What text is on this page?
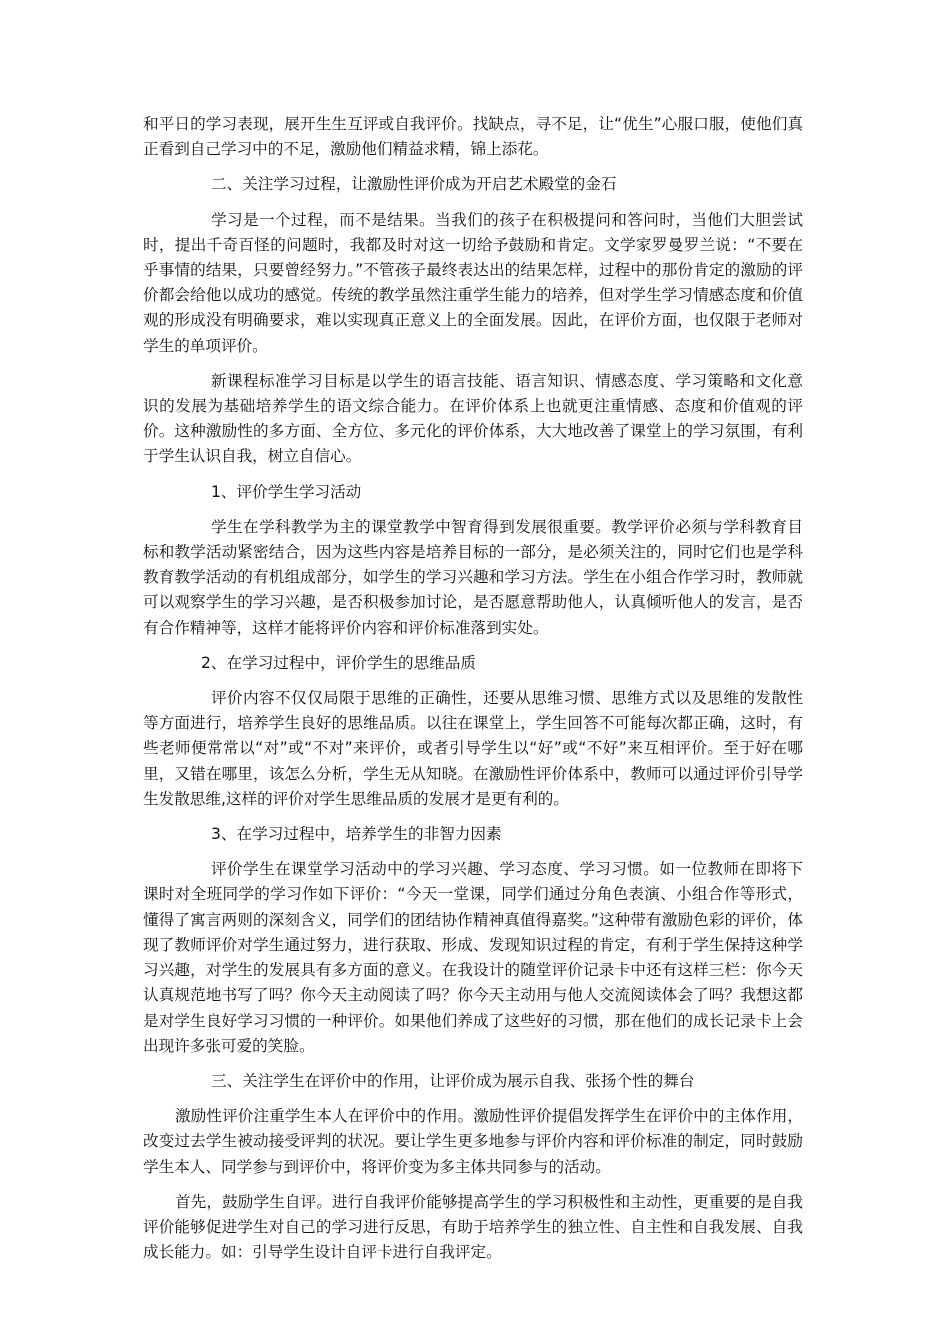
和平日的学习表现，展开生生互评或自我评价。找缺点，寻不足，让“优生”心服口服，使他们真正看到自己学习中的不足，激励他们精益求精，锦上添花。

二、关注学习过程，让激励性评价成为开启艺术殿堂的金石

学习是一个过程，而不是结果。当我们的孩子在积极提问和答问时，当他们大胆尝试时，提出千奇百怪的问题时，我都及时对这一切给予鼓励和肯定。文学家罗曼罗兰说：“不要在乎事情的结果，只要曾经努力。”不管孩子最终表达出的结果怎样，过程中的那份肯定的激励的评价都会给他以成功的感觉。传统的教学虽然注重学生能力的培养，但对学生学习情感态度和价值观的形成没有明确要求，难以实现真正意义上的全面发展。因此，在评价方面，也仅限于老师对学生的单项评价。

新课程标准学习目标是以学生的语言技能、语言知识、情感态度、学习策略和文化意识的发展为基础培养学生的语文综合能力。在评价体系上也就更注重情感、态度和价值观的评价。这种激励性的多方面、全方位、多元化的评价体系，大大地改善了课堂上的学习氛围，有利于学生认识自我，树立自信心。

1、评价学生学习活动

学生在学科教学为主的课堂教学中智育得到发展很重要。教学评价必须与学科教育目标和教学活动紧密结合，因为这些内容是培养目标的一部分，是必须关注的，同时它们也是学科教育教学活动的有机组成部分，如学生的学习兴趣和学习方法。学生在小组合作学习时，教师就可以观察学生的学习兴趣，是否积极参加讨论，是否愿意帮助他人，认真倾听他人的发言，是否有合作精神等，这样才能将评价内容和评价标准落到实处。

2、在学习过程中，评价学生的思维品质

评价内容不仅仅局限于思维的正确性，还要从思维习惯、思维方式以及思维的发散性等方面进行，培养学生良好的思维品质。以往在课堂上，学生回答不可能每次都正确，这时，有些老师便常常以“对”或“不对”来评价，或者引导学生以“好”或“不好”来互相评价。至于好在哪里，又错在哪里，该怎么分析，学生无从知晓。在激励性评价体系中，教师可以通过评价引导学生发散思维,这样的评价对学生思维品质的发展才是更有利的。

3、在学习过程中，培养学生的非智力因素

评价学生在课堂学习活动中的学习兴趣、学习态度、学习习惯。如一位教师在即将下课时对全班同学的学习作如下评价：“今天一堂课，同学们通过分角色表演、小组合作等形式，懂得了寓言两则的深刻含义，同学们的团结协作精神真值得嘉奖。”这种带有激励色彩的评价，体现了教师评价对学生通过努力，进行获取、形成、发现知识过程的肯定，有利于学生保持这种学习兴趣，对学生的发展具有多方面的意义。在我设计的随堂评价记录卡中还有这样三栏：你今天认真规范地书写了吗？你今天主动阅读了吗？你今天主动用与他人交流阅读体会了吗？我想这都是对学生良好学习习惯的一种评价。如果他们养成了这些好的习惯，那在他们的成长记录卡上会出现许多张可爱的笑脸。

三、关注学生在评价中的作用，让评价成为展示自我、张扬个性的舞台

激励性评价注重学生本人在评价中的作用。激励性评价提倡发挥学生在评价中的主体作用，改变过去学生被动接受评判的状况。要让学生更多地参与评价内容和评价标准的制定，同时鼓励学生本人、同学参与到评价中，将评价变为多主体共同参与的活动。

首先，鼓励学生自评。进行自我评价能够提高学生的学习积极性和主动性，更重要的是自我评价能够促进学生对自己的学习进行反思，有助于培养学生的独立性、自主性和自我发展、自我成长能力。如：引导学生设计自评卡进行自我评定。
